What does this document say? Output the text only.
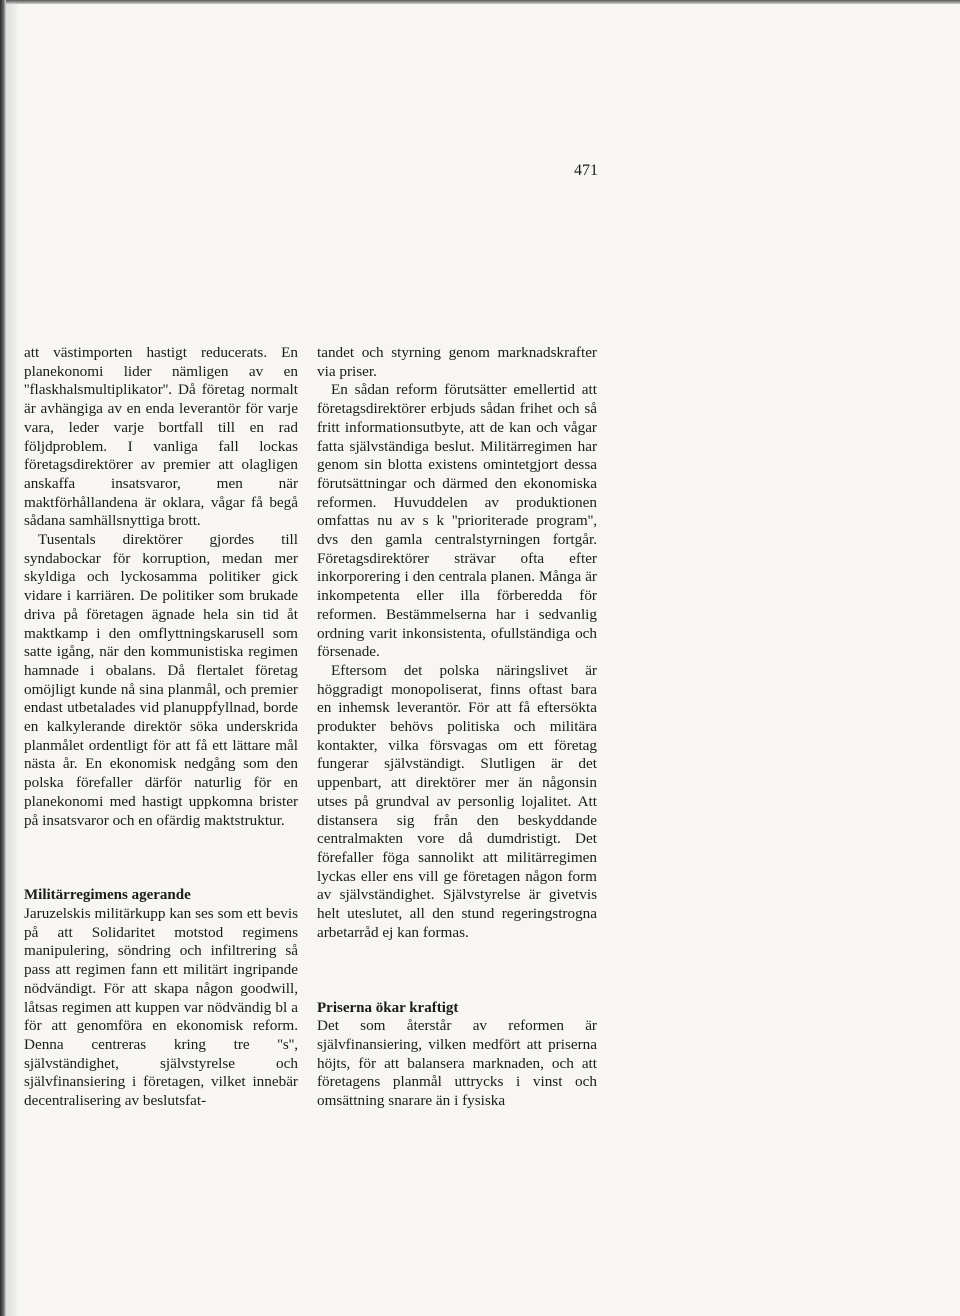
471

att västimporten hastigt reducerats. En planekonomi lider nämligen av en ''flaskhalsmultiplikator''. Då företag normalt är avhängiga av en enda leverantör för varje vara, leder varje bortfall till en rad följdproblem. I vanliga fall lockas företagsdirektörer av premier att olagligen anskaffa insatsvaror, men när maktförhållandena är oklara, vågar få begå sådana samhällsnyttiga brott.

Tusentals direktörer gjordes till syndabockar för korruption, medan mer skyldiga och lyckosamma politiker gick vidare i karriären. De politiker som brukade driva på företagen ägnade hela sin tid åt maktkamp i den omflyttningskarusell som satte igång, när den kommunistiska regimen hamnade i obalans. Då flertalet företag omöjligt kunde nå sina planmål, och premier endast utbetalades vid planuppfyllnad, borde en kalkylerande direktör söka underskrida planmålet ordentligt för att få ett lättare mål nästa år. En ekonomisk nedgång som den polska förefaller därför naturlig för en planekonomi med hastigt uppkomna brister på insatsvaror och en ofärdig maktstruktur.

Militärregimens agerande

Jaruzelskis militärkupp kan ses som ett bevis på att Solidaritet motstod regimens manipulering, söndring och infiltrering så pass att regimen fann ett militärt ingripande nödvändigt. För att skapa någon goodwill, låtsas regimen att kuppen var nödvändig bl a för att genomföra en ekonomisk reform. Denna centreras kring tre ''s'', självständighet, självstyrelse och självfinansiering i företagen, vilket innebär decentralisering av beslutsfat-

tandet och styrning genom marknadskrafter via priser.

En sådan reform förutsätter emellertid att företagsdirektörer erbjuds sådan frihet och så fritt informationsutbyte, att de kan och vågar fatta självständiga beslut. Militärregimen har genom sin blotta existens omintetgjort dessa förutsättningar och därmed den ekonomiska reformen. Huvuddelen av produktionen omfattas nu av s k ''prioriterade program'', dvs den gamla centralstyrningen fortgår. Företagsdirektörer strävar ofta efter inkorporering i den centrala planen. Många är inkompetenta eller illa förberedda för reformen. Bestämmelserna har i sedvanlig ordning varit inkonsistenta, ofullständiga och försenade.

Eftersom det polska näringslivet är höggradigt monopoliserat, finns oftast bara en inhemsk leverantör. För att få eftersökta produkter behövs politiska och militära kontakter, vilka försvagas om ett företag fungerar självständigt. Slutligen är det uppenbart, att direktörer mer än någonsin utses på grundval av personlig lojalitet. Att distansera sig från den beskyddande centralmakten vore då dumdristigt. Det förefaller föga sannolikt att militärregimen lyckas eller ens vill ge företagen någon form av självständighet. Självstyrelse är givetvis helt uteslutet, all den stund regeringstrogna arbetarråd ej kan formas.

Priserna ökar kraftigt

Det som återstår av reformen är självfinansiering, vilken medfört att priserna höjts, för att balansera marknaden, och att företagens planmål uttrycks i vinst och omsättning snarare än i fysiska
